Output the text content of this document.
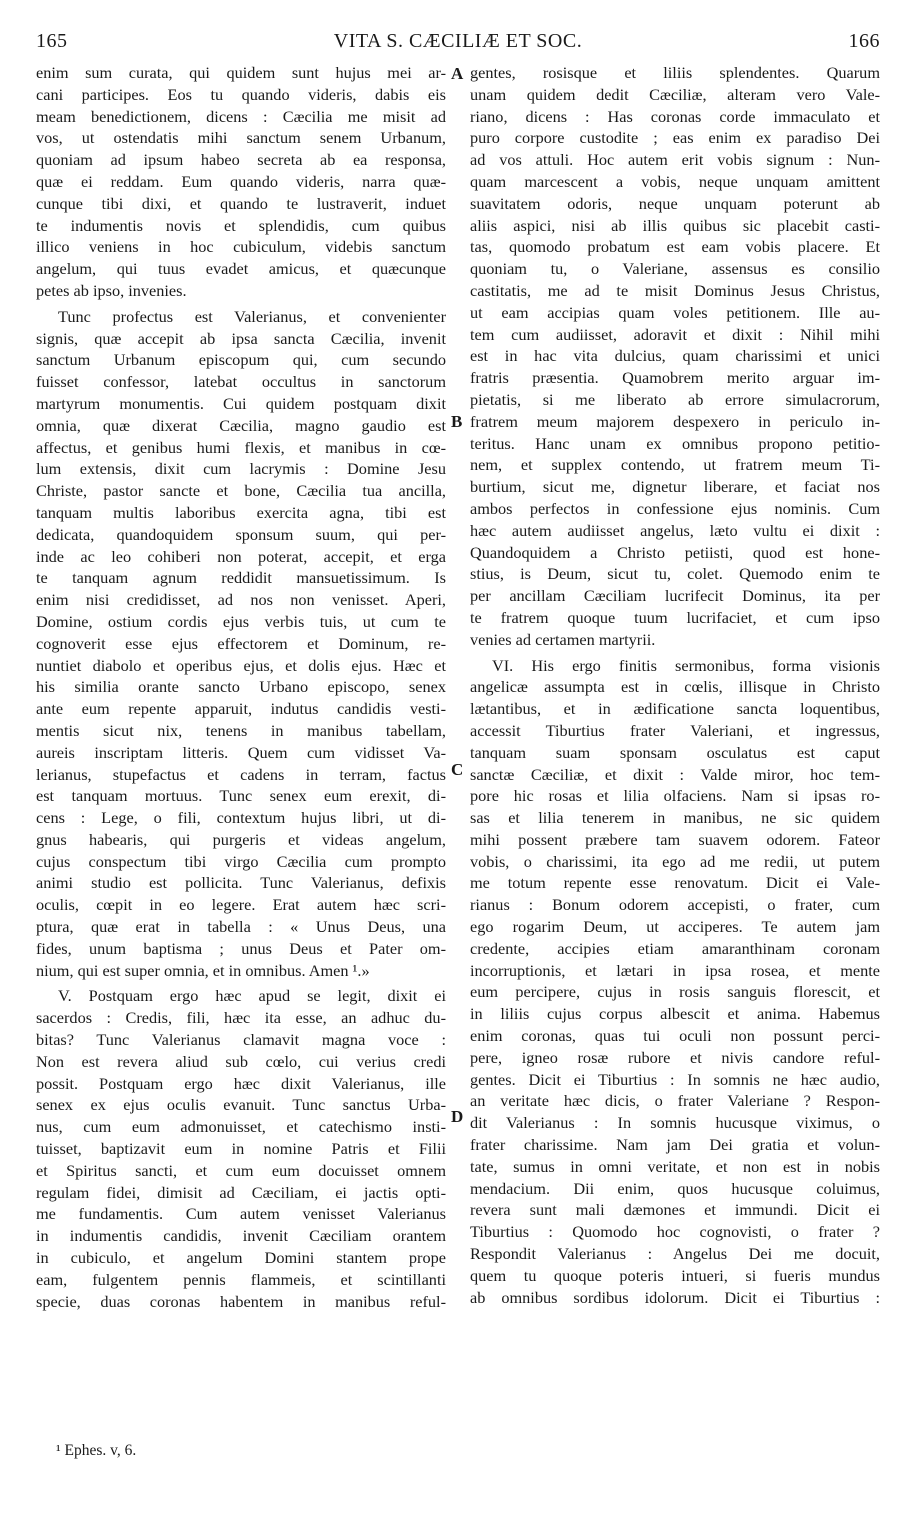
165	VITA S. CÆCILIÆ ET SOC.	166
enim sum curata, qui quidem sunt hujus mei ar-
cani participes. Eos tu quando videris, dabis eis
meam benedictionem, dicens : Cæcilia me misit ad
vos, ut ostendatis mihi sanctum senem Urbanum,
quoniam ad ipsum habeo secreta ab ea responsa,
quæ ei reddam. Eum quando videris, narra quæ-
cunque tibi dixi, et quando te lustraverit, induet
te indumentis novis et splendidis, cum quibus
illico veniens in hoc cubiculum, videbis sanctum
angelum, qui tuus evadet amicus, et quæcunque
petes ab ipso, invenies.
Tunc profectus est Valerianus, et convenienter
signis, quæ accepit ab ipsa sancta Cæcilia, invenit
sanctum Urbanum episcopum qui, cum secundo
fuisset confessor, latebat occultus in sanctorum
martyrum monumentis. Cui quidem postquam dixit
omnia, quæ dixerat Cæcilia, magno gaudio est
affectus, et genibus humi flexis, et manibus in cœ-
lum extensis, dixit cum lacrymis : Domine Jesu
Christe, pastor sancte et bone, Cæcilia tua ancilla,
tanquam multis laboribus exercita agna, tibi est
dedicata, quandoquidem sponsum suum, qui per-
inde ac leo cohiberi non poterat, accepit, et erga
te tanquam agnum reddidit mansuetissimum. Is
enim nisi credidisset, ad nos non venisset. Aperi,
Domine, ostium cordis ejus verbis tuis, ut cum te
cognoverit esse ejus effectorem et Dominum, re-
nuntiet diabolo et operibus ejus, et dolis ejus. Hæc et
his similia orante sancto Urbano episcopo, senex
ante eum repente apparuit, indutus candidis vesti-
mentis sicut nix, tenens in manibus tabellam,
aureis inscriptam litteris. Quem cum vidisset Va-
lerianus, stupefactus et cadens in terram, factus
est tanquam mortuus. Tunc senex eum erexit, di-
cens : Lege, o fili, contextum hujus libri, ut di-
gnus habearis, qui purgeris et videas angelum,
cujus conspectum tibi virgo Cæcilia cum prompto
animi studio est pollicita. Tunc Valerianus, defixis
oculis, cœpit in eo legere. Erat autem hæc scri-
ptura, quæ erat in tabella : « Unus Deus, una
fides, unum baptisma ; unus Deus et Pater om-
nium, qui est super omnia, et in omnibus. Amen ¹.»
V. Postquam ergo hæc apud se legit, dixit ei
sacerdos : Credis, fili, hæc ita esse, an adhuc du-
bitas? Tunc Valerianus clamavit magna voce :
Non est revera aliud sub cœlo, cui verius credi
possit. Postquam ergo hæc dixit Valerianus, ille
senex ex ejus oculis evanuit. Tunc sanctus Urba-
nus, cum eum admonuisset, et catechismo insti-
tuisset, baptizavit eum in nomine Patris et Filii
et Spiritus sancti, et cum eum docuisset omnem
regulam fidei, dimisit ad Cæciliam, ei jactis opti-
me fundamentis. Cum autem venisset Valerianus
in indumentis candidis, invenit Cæciliam orantem
in cubiculo, et angelum Domini stantem prope
eam, fulgentem pennis flammeis, et scintillanti
specie, duas coronas habentem in manibus reful-
gentes, rosisque et liliis splendentes. Quarum
unam quidem dedit Cæciliæ, alteram vero Vale-
riano, dicens : Has coronas corde immaculato et
puro corpore custodite ; eas enim ex paradiso Dei
ad vos attuli. Hoc autem erit vobis signum : Nun-
quam marcescent a vobis, neque unquam amittent
suavitatem odoris, neque unquam poterunt ab
aliis aspici, nisi ab illis quibus sic placebit casti-
tas, quomodo probatum est eam vobis placere. Et
quoniam tu, o Valeriane, assensus es consilio
castitatis, me ad te misit Dominus Jesus Christus,
ut eam accipias quam voles petitionem. Ille au-
tem cum audiisset, adoravit et dixit : Nihil mihi
est in hac vita dulcius, quam charissimi et unici
fratris præsentia. Quamobrem merito arguar im-
pietatis, si me liberato ab errore simulacrorum,
fratrem meum majorem despexero in periculo in-
teritus. Hanc unam ex omnibus propono petitio-
nem, et supplex contendo, ut fratrem meum Ti-
burtium, sicut me, dignetur liberare, et faciat nos
ambos perfectos in confessione ejus nominis. Cum
hæc autem audiisset angelus, læto vultu ei dixit :
Quandoquidem a Christo petiisti, quod est hone-
stius, is Deum, sicut tu, colet. Quemodo enim te
per ancillam Cæciliam lucrifecit Dominus, ita per
te fratrem quoque tuum lucrifaciet, et cum ipso
venies ad certamen martyrii.
VI. His ergo finitis sermonibus, forma visionis
angelicæ assumpta est in cœlis, illisque in Christo
lætantibus, et in ædificatione sancta loquentibus,
accessit Tiburtius frater Valeriani, et ingressus,
tanquam suam sponsam osculatus est caput
sanctæ Cæciliæ, et dixit : Valde miror, hoc tem-
pore hic rosas et lilia olfaciens. Nam si ipsas ro-
sas et lilia tenerem in manibus, ne sic quidem
mihi possent præbere tam suavem odorem. Fateor
vobis, o charissimi, ita ego ad me redii, ut putem
me totum repente esse renovatum. Dicit ei Vale-
rianus : Bonum odorem accepisti, o frater, cum
ego rogarim Deum, ut acciperes. Te autem jam
credente, accipies etiam amaranthinam coronam
incorruptionis, et lætari in ipsa rosea, et mente
eum percipere, cujus in rosis sanguis florescit, et
in liliis cujus corpus albescit et anima. Habemus
enim coronas, quas tui oculi non possunt perci-
pere, igneo rosæ rubore et nivis candore reful-
gentes. Dicit ei Tiburtius : In somnis ne hæc audio,
an veritate hæc dicis, o frater Valeriane ? Respon-
dit Valerianus : In somnis hucusque viximus, o
frater charissime. Nam jam Dei gratia et volun-
tate, sumus in omni veritate, et non est in nobis
mendacium. Dii enim, quos hucusque coluimus,
revera sunt mali dæmones et immundi. Dicit ei
Tiburtius : Quomodo hoc cognovisti, o frater ?
Respondit Valerianus : Angelus Dei me docuit,
quem tu quoque poteris intueri, si fueris mundus
ab omnibus sordibus idolorum. Dicit ei Tiburtius :
A
B
C
D
¹ Ephes. v, 6.
